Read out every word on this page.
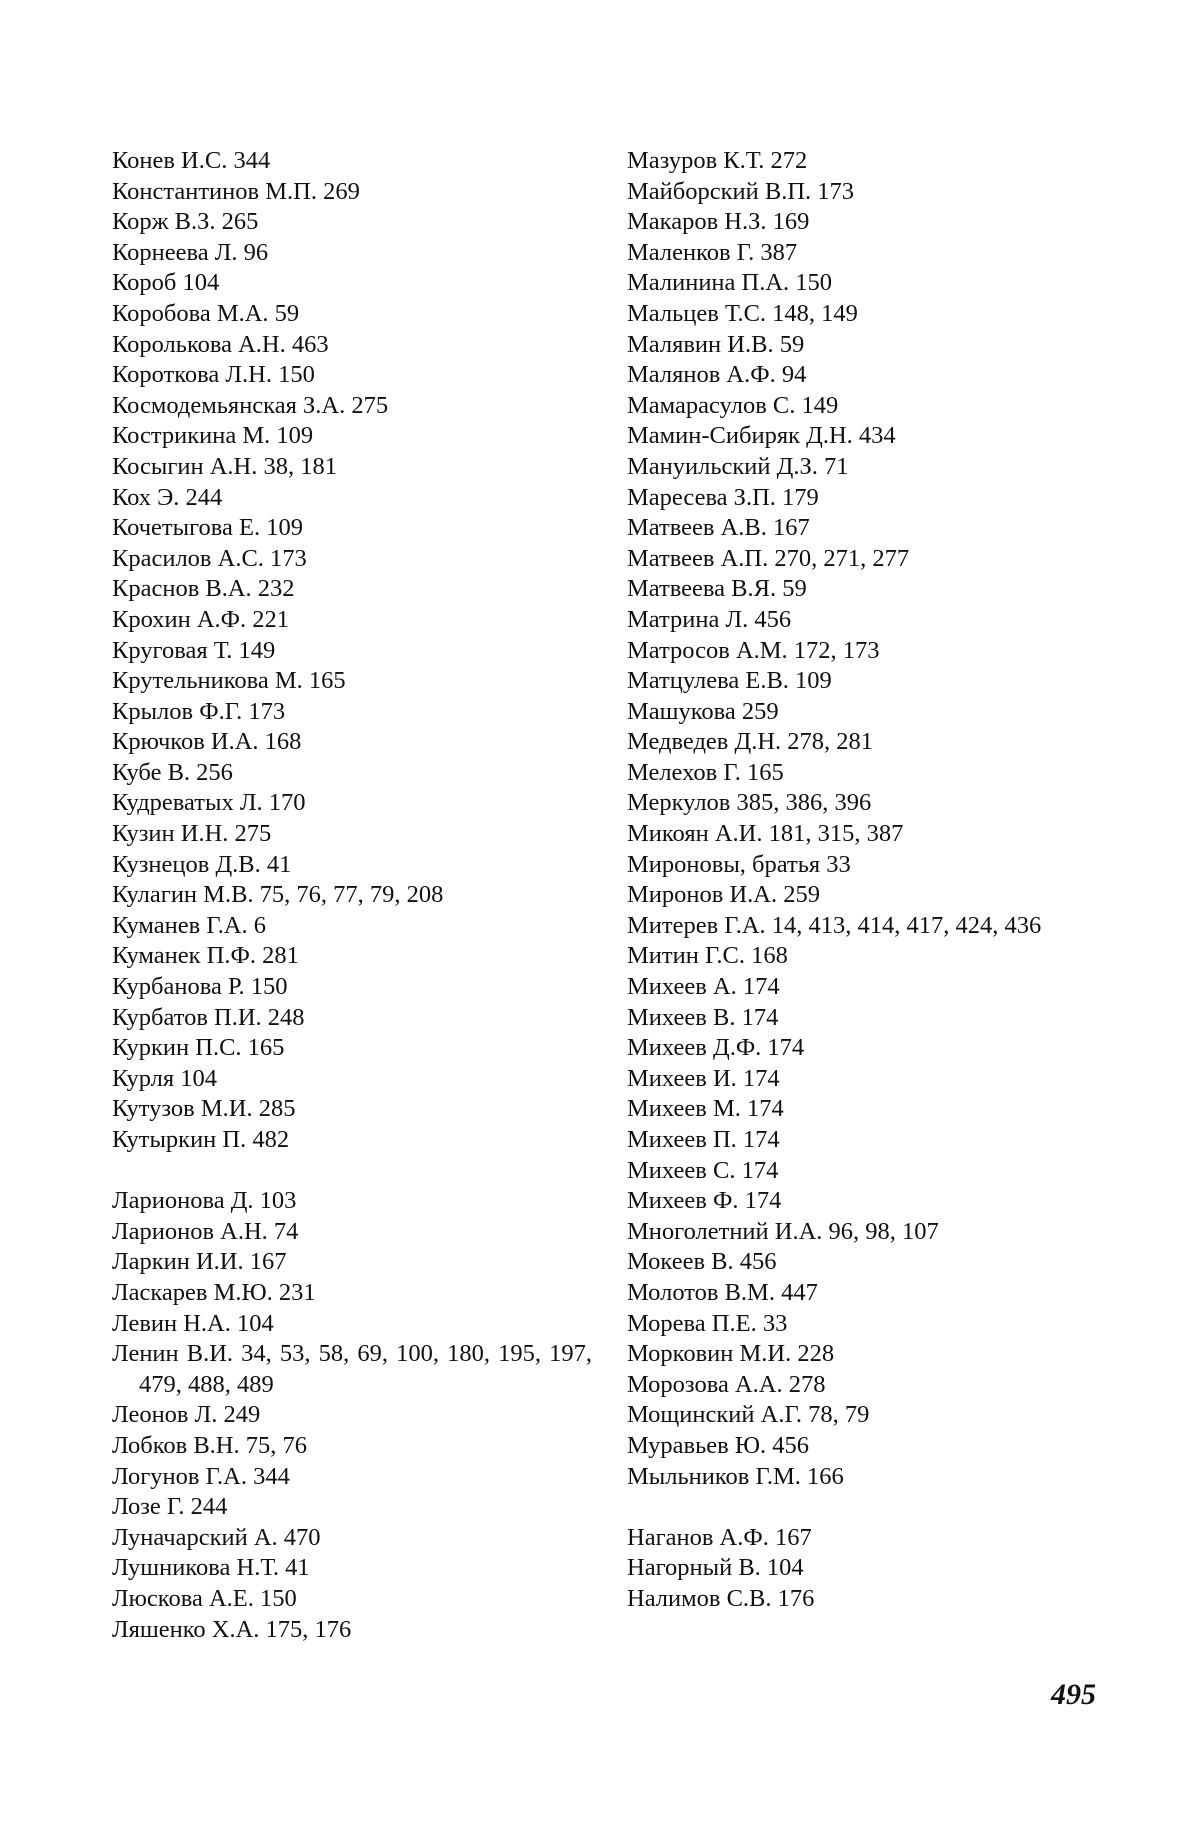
Конев И.С. 344
Константинов М.П. 269
Корж В.З. 265
Корнеева Л. 96
Короб 104
Коробова М.А. 59
Королькова А.Н. 463
Короткова Л.Н. 150
Космодемьянская З.А. 275
Кострикина М. 109
Косыгин А.Н. 38, 181
Кох Э. 244
Кочетыгова Е. 109
Красилов А.С. 173
Краснов В.А. 232
Крохин А.Ф. 221
Круговая Т. 149
Крутельникова М. 165
Крылов Ф.Г. 173
Крючков И.А. 168
Кубе В. 256
Кудреватых Л. 170
Кузин И.Н. 275
Кузнецов Д.В. 41
Кулагин М.В. 75, 76, 77, 79, 208
Куманев Г.А. 6
Куманек П.Ф. 281
Курбанова Р. 150
Курбатов П.И. 248
Куркин П.С. 165
Курля 104
Кутузов М.И. 285
Кутыркин П. 482
Ларионова Д. 103
Ларионов А.Н. 74
Ларкин И.И. 167
Ласкарев М.Ю. 231
Левин Н.А. 104
Ленин В.И. 34, 53, 58, 69, 100, 180, 195, 197, 479, 488, 489
Леонов Л. 249
Лобков В.Н. 75, 76
Логунов Г.А. 344
Лозе Г. 244
Луначарский А. 470
Лушникова Н.Т. 41
Люскова А.Е. 150
Ляшенко Х.А. 175, 176
Мазуров К.Т. 272
Майборский В.П. 173
Макаров Н.З. 169
Маленков Г. 387
Малинина П.А. 150
Мальцев Т.С. 148, 149
Малявин И.В. 59
Малянов А.Ф. 94
Мамарасулов С. 149
Мамин-Сибиряк Д.Н. 434
Мануильский Д.З. 71
Маресева З.П. 179
Матвеев А.В. 167
Матвеев А.П. 270, 271, 277
Матвеева В.Я. 59
Матрина Л. 456
Матросов А.М. 172, 173
Матцулева Е.В. 109
Машукова 259
Медведев Д.Н. 278, 281
Мелехов Г. 165
Меркулов 385, 386, 396
Микоян А.И. 181, 315, 387
Мироновы, братья 33
Миронов И.А. 259
Митерев Г.А. 14, 413, 414, 417, 424, 436
Митин Г.С. 168
Михеев А. 174
Михеев В. 174
Михеев Д.Ф. 174
Михеев И. 174
Михеев М. 174
Михеев П. 174
Михеев С. 174
Михеев Ф. 174
Многолетний И.А. 96, 98, 107
Мокеев В. 456
Молотов В.М. 447
Морева П.Е. 33
Морковин М.И. 228
Морозова А.А. 278
Мощинский А.Г. 78, 79
Муравьев Ю. 456
Мыльников Г.М. 166
Наганов А.Ф. 167
Нагорный В. 104
Налимов С.В. 176
495
